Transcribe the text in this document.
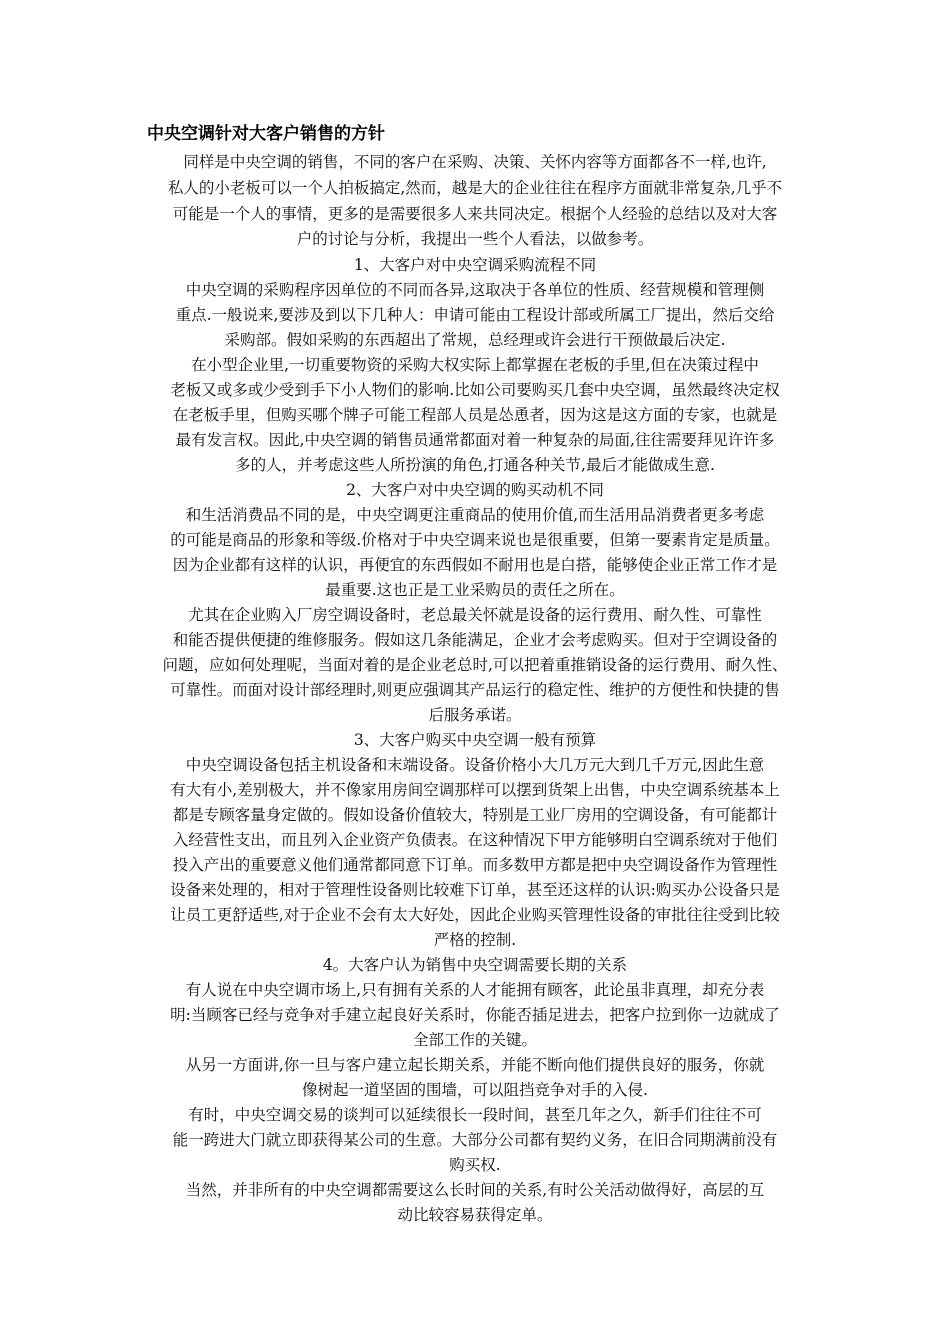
中央空调针对大客户销售的方针
同样是中央空调的销售，不同的客户在采购、决策、关怀内容等方面都各不一样,也许,
私人的小老板可以一个人拍板搞定,然而，越是大的企业往往在程序方面就非常复杂,几乎不
可能是一个人的事情，更多的是需要很多人来共同决定。根据个人经验的总结以及对大客
户的讨论与分析，我提出一些个人看法，以做参考。
1、大客户对中央空调采购流程不同
中央空调的采购程序因单位的不同而各异,这取决于各单位的性质、经营规模和管理侧
重点.一般说来,要涉及到以下几种人：申请可能由工程设计部或所属工厂提出，然后交给
采购部。假如采购的东西超出了常规，总经理或许会进行干预做最后决定.
在小型企业里,一切重要物资的采购大权实际上都掌握在老板的手里,但在决策过程中
老板又或多或少受到手下小人物们的影响.比如公司要购买几套中央空调，虽然最终决定权
在老板手里，但购买哪个牌子可能工程部人员是怂恿者，因为这是这方面的专家，也就是
最有发言权。因此,中央空调的销售员通常都面对着一种复杂的局面,往往需要拜见许许多
多的人，并考虑这些人所扮演的角色,打通各种关节,最后才能做成生意.
2、大客户对中央空调的购买动机不同
和生活消费品不同的是，中央空调更注重商品的使用价值,而生活用品消费者更多考虑
的可能是商品的形象和等级.价格对于中央空调来说也是很重要，但第一要素肯定是质量。
因为企业都有这样的认识，再便宜的东西假如不耐用也是白搭，能够使企业正常工作才是
最重要.这也正是工业采购员的责任之所在。
尤其在企业购入厂房空调设备时，老总最关怀就是设备的运行费用、耐久性、可靠性
和能否提供便捷的维修服务。假如这几条能满足，企业才会考虑购买。但对于空调设备的
问题，应如何处理呢，当面对着的是企业老总时,可以把着重推销设备的运行费用、耐久性、
可靠性。而面对设计部经理时,则更应强调其产品运行的稳定性、维护的方便性和快捷的售
后服务承诺。
3、大客户购买中央空调一般有预算
中央空调设备包括主机设备和末端设备。设备价格小大几万元大到几千万元,因此生意
有大有小,差别极大，并不像家用房间空调那样可以摆到货架上出售，中央空调系统基本上
都是专顾客量身定做的。假如设备价值较大，特别是工业厂房用的空调设备，有可能都计
入经营性支出，而且列入企业资产负债表。在这种情况下甲方能够明白空调系统对于他们
投入产出的重要意义他们通常都同意下订单。而多数甲方都是把中央空调设备作为管理性
设备来处理的，相对于管理性设备则比较难下订单，甚至还这样的认识:购买办公设备只是
让员工更舒适些,对于企业不会有太大好处，因此企业购买管理性设备的审批往往受到比较
严格的控制.
4。大客户认为销售中央空调需要长期的关系
有人说在中央空调市场上,只有拥有关系的人才能拥有顾客，此论虽非真理，却充分表
明:当顾客已经与竞争对手建立起良好关系时，你能否插足进去，把客户拉到你一边就成了
全部工作的关键。
从另一方面讲,你一旦与客户建立起长期关系，并能不断向他们提供良好的服务，你就
像树起一道坚固的围墙，可以阻挡竞争对手的入侵.
有时，中央空调交易的谈判可以延续很长一段时间，甚至几年之久，新手们往往不可
能一跨进大门就立即获得某公司的生意。大部分公司都有契约义务，在旧合同期满前没有
购买权.
当然，并非所有的中央空调都需要这么长时间的关系,有时公关活动做得好，高层的互
动比较容易获得定单。
